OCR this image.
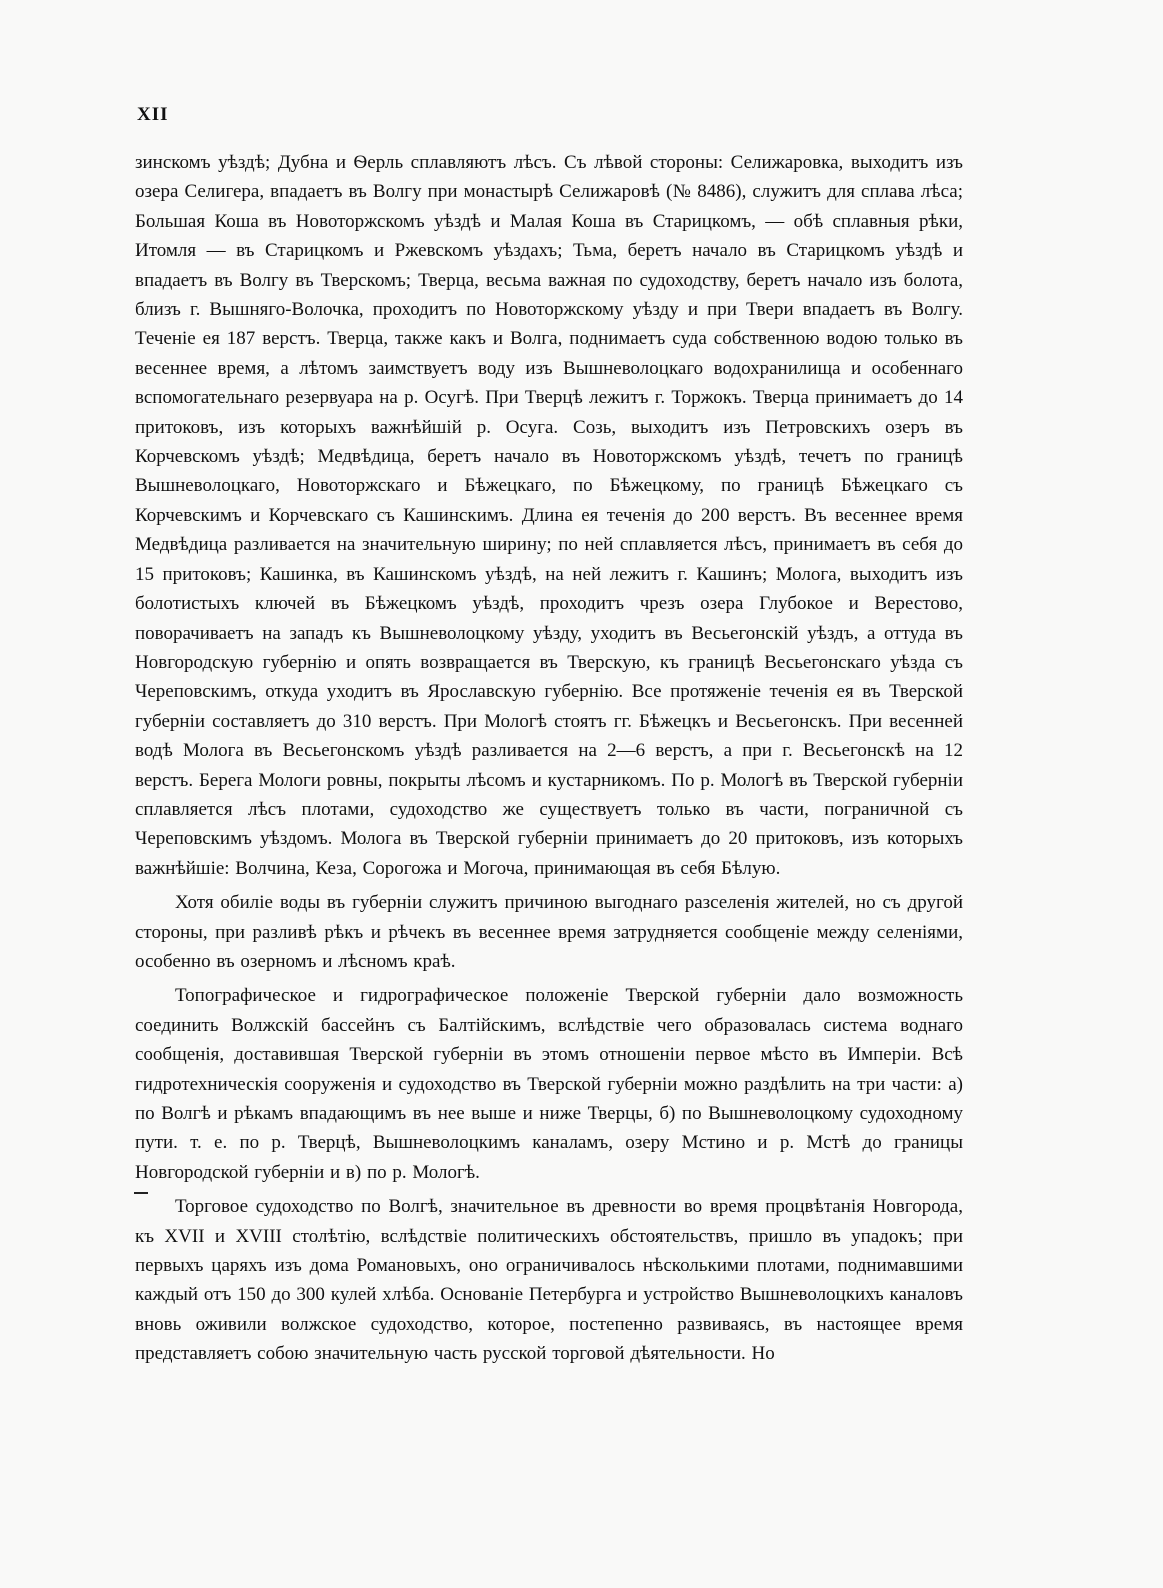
XII

зинскомъ уѣздѣ; Дубна и Ѳерль сплавляютъ лѣсъ. Съ лѣвой стороны: Селижаровка, выходитъ изъ озера Селигера, впадаетъ въ Волгу при монастырѣ Селижаровѣ (№ 8486), служитъ для сплава лѣса; Большая Коша въ Новоторжскомъ уѣздѣ и Малая Коша въ Старицкомъ, — обѣ сплавныя рѣки, Итомля — въ Старицкомъ и Ржевскомъ уѣздахъ; Тьма, беретъ начало въ Старицкомъ уѣздѣ и впадаетъ въ Волгу въ Тверскомъ; Тверца, весьма важная по судоходству, беретъ начало изъ болота, близъ г. Вышняго-Волочка, проходитъ по Новоторжскому уѣзду и при Твери впадаетъ въ Волгу. Теченіе ея 187 верстъ. Тверца, также какъ и Волга, поднимаетъ суда собственною водою только въ весеннее время, а лѣтомъ заимствуетъ воду изъ Вышневолоцкаго водохранилища и особеннаго вспомогательнаго резервуара на р. Осугѣ. При Тверцѣ лежитъ г. Торжокъ. Тверца принимаетъ до 14 притоковъ, изъ которыхъ важнѣйшій р. Осуга. Созь, выходитъ изъ Петровскихъ озеръ въ Корчевскомъ уѣздѣ; Медвѣдица, беретъ начало въ Новоторжскомъ уѣздѣ, течетъ по границѣ Вышневолоцкаго, Новоторжскаго и Бѣжецкаго, по Бѣжецкому, по границѣ Бѣжецкаго съ Корчевскимъ и Корчевскаго съ Кашинскимъ. Длина ея теченія до 200 верстъ. Въ весеннее время Медвѣдица разливается на значительную ширину; по ней сплавляется лѣсъ, принимаетъ въ себя до 15 притоковъ; Кашинка, въ Кашинскомъ уѣздѣ, на ней лежитъ г. Кашинъ; Молога, выходитъ изъ болотистыхъ ключей въ Бѣжецкомъ уѣздѣ, проходитъ чрезъ озера Глубокое и Верестово, поворачиваетъ на западъ къ Вышневолоцкому уѣзду, уходитъ въ Весьегонскій уѣздъ, а оттуда въ Новгородскую губернію и опять возвращается въ Тверскую, къ границѣ Весьегонскаго уѣзда съ Череповскимъ, откуда уходитъ въ Ярославскую губернію. Все протяженіе теченія ея въ Тверской губерніи составляетъ до 310 верстъ. При Мологѣ стоятъ гг. Бѣжецкъ и Весьегонскъ. При весенней водѣ Молога въ Весьегонскомъ уѣздѣ разливается на 2—6 верстъ, а при г. Весьегонскѣ на 12 верстъ. Берега Мологи ровны, покрыты лѣсомъ и кустарникомъ. По р. Мологѣ въ Тверской губерніи сплавляется лѣсъ плотами, судоходство же существуетъ только въ части, пограничной съ Череповскимъ уѣздомъ. Молога въ Тверской губерніи принимаетъ до 20 притоковъ, изъ которыхъ важнѣйшіе: Волчина, Кеза, Сорогожа и Могоча, принимающая въ себя Бѣлую.

Хотя обиліе воды въ губерніи служитъ причиною выгоднаго разселенія жителей, но съ другой стороны, при разливѣ рѣкъ и рѣчекъ въ весеннее время затрудняется сообщеніе между селеніями, особенно въ озерномъ и лѣсномъ краѣ.

Топографическое и гидрографическое положеніе Тверской губерніи дало возможность соединить Волжскій бассейнъ съ Балтійскимъ, вслѣдствіе чего образовалась система воднаго сообщенія, доставившая Тверской губерніи въ этомъ отношеніи первое мѣсто въ Имперіи. Всѣ гидротехническія сооруженія и судоходство въ Тверской губерніи можно раздѣлить на три части: а) по Волгѣ и рѣкамъ впадающимъ въ нее выше и ниже Тверцы, б) по Вышневолоцкому судоходному пути. т. е. по р. Тверцѣ, Вышневолоцкимъ каналамъ, озеру Мстино и р. Мстѣ до границы Новгородской губерніи и в) по р. Мологѣ.

Торговое судоходство по Волгѣ, значительное въ древности во время процвѣтанія Новгорода, къ XVII и XVIII столѣтію, вслѣдствіе политическихъ обстоятельствъ, пришло въ упадокъ; при первыхъ царяхъ изъ дома Романовыхъ, оно ограничивалось нѣсколькими плотами, поднимавшими каждый отъ 150 до 300 кулей хлѣба. Основаніе Петербурга и устройство Вышневолоцкихъ каналовъ вновь оживили волжское судоходство, которое, постепенно развиваясь, въ настоящее время представляетъ собою значительную часть русской торговой дѣятельности. Но
